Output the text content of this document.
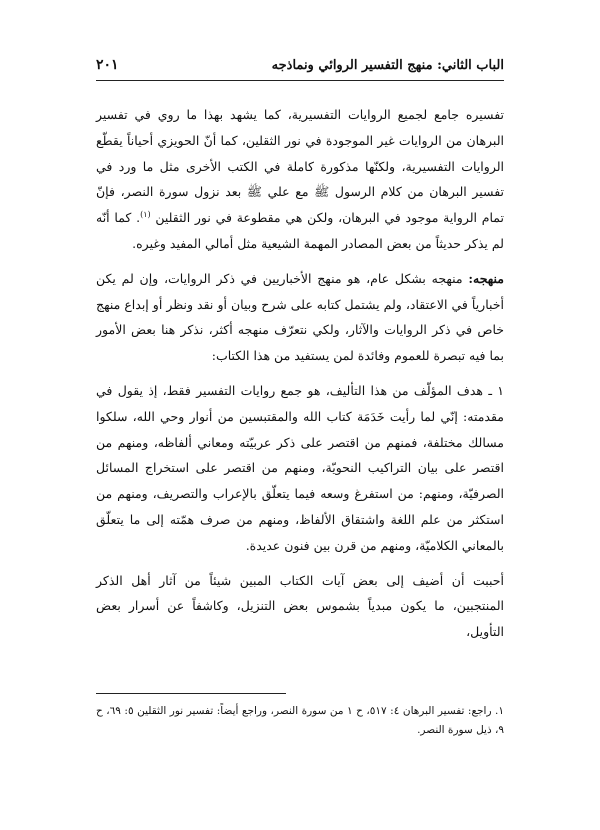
الباب الثاني: منهج التفسير الروائي ونماذجه
٢٠١

تفسيره جامع لجميع الروايات التفسيرية، كما يشهد بهذا ما روي في تفسير البرهان من الروايات غير الموجودة في نور الثقلين، كما أنّ الحويزي أحياناً يقطّع الروايات التفسيرية، ولكنّها مذكورة كاملة في الكتب الأخرى مثل ما ورد في تفسير البرهان من كلام الرسول ﷺ مع علي ﷺ بعد نزول سورة النصر، فإنّ تمام الرواية موجود في البرهان، ولكن هي مقطوعة في نور الثقلين $^{(١)}$. كما أنّه لم يذكر حديثاً من بعض المصادر المهمة الشيعية مثل أمالي المفيد وغيره.

منهجه: منهجه بشكل عام، هو منهج الأخباريين في ذكر الروايات، وإن لم يكن أخبارياً في الاعتقاد، ولم يشتمل كتابه على شرح وبيان أو نقد ونظر أو إبداع منهج خاص في ذكر الروايات والآثار، ولكي نتعرّف منهجه أكثر، نذكر هنا بعض الأمور بما فيه تبصرة للعموم وفائدة لمن يستفيد من هذا الكتاب:

١ ـ هدف المؤلّف من هذا التأليف، هو جمع روايات التفسير فقط، إذ يقول في مقدمته: إنّي لما رأيت خَدَمَة كتاب الله والمقتبسين من أنوار وحي الله، سلكوا مسالك مختلفة، فمنهم من اقتصر على ذكر عربيّته ومعاني ألفاظه، ومنهم من اقتصر على بيان التراكيب النحويّة، ومنهم من اقتصر على استخراج المسائل الصرفيّة، ومنهم: من استفرغ وسعه فيما يتعلّق بالإعراب والتصريف، ومنهم من استكثر من علم اللغة واشتقاق الألفاظ، ومنهم من صرف همّته إلى ما يتعلّق بالمعاني الكلاميّة، ومنهم من قرن بين فنون عديدة.

أحببت أن أضيف إلى بعض آيات الكتاب المبين شيئاً من آثار أهل الذكر المنتجبين، ما يكون مبدياً بشموس بعض التنزيل، وكاشفاً عن أسرار بعض التأويل،

١. راجع: تفسير البرهان ٤: ٥١٧، ح ١ من سورة النصر، وراجع أيضاً: تفسير نور الثقلين ٥: ٦٩، ح ٩، ذيل سورة النصر.
